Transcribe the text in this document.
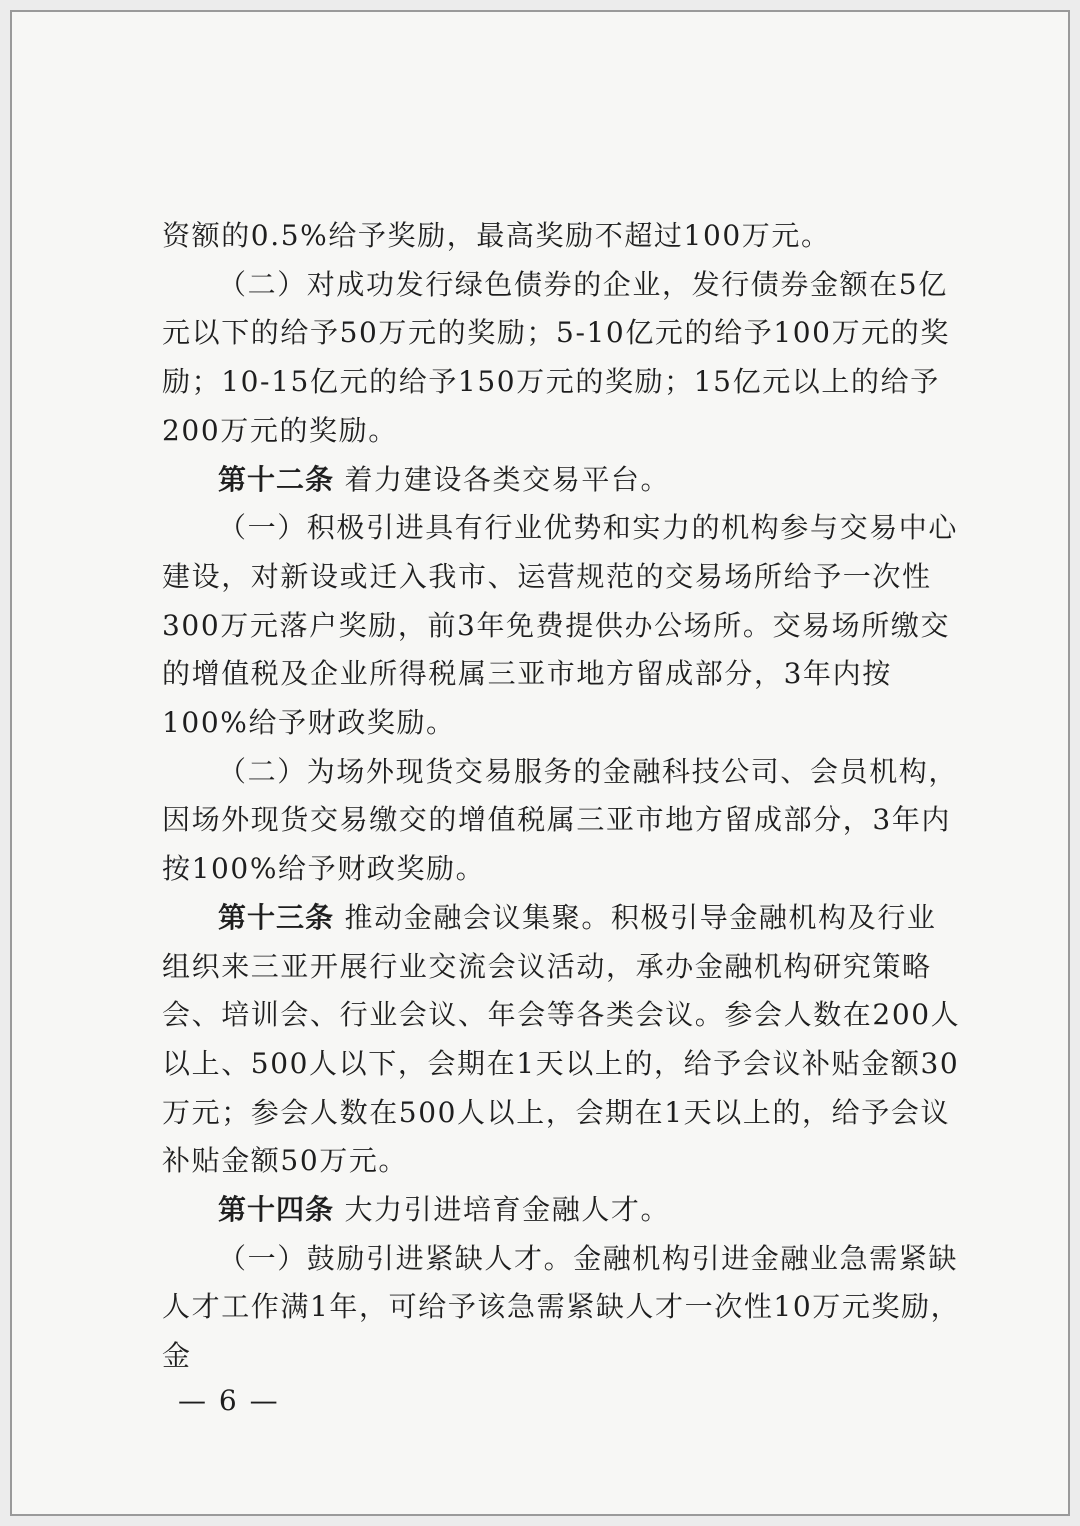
资额的0.5%给予奖励，最高奖励不超过100万元。

（二）对成功发行绿色债券的企业，发行债券金额在5亿元以下的给予50万元的奖励；5-10亿元的给予100万元的奖励；10-15亿元的给予150万元的奖励；15亿元以上的给予200万元的奖励。

第十二条 着力建设各类交易平台。

（一）积极引进具有行业优势和实力的机构参与交易中心建设，对新设或迁入我市、运营规范的交易场所给予一次性300万元落户奖励，前3年免费提供办公场所。交易场所缴交的增值税及企业所得税属三亚市地方留成部分，3年内按100%给予财政奖励。

（二）为场外现货交易服务的金融科技公司、会员机构，因场外现货交易缴交的增值税属三亚市地方留成部分，3年内按100%给予财政奖励。

第十三条 推动金融会议集聚。积极引导金融机构及行业组织来三亚开展行业交流会议活动，承办金融机构研究策略会、培训会、行业会议、年会等各类会议。参会人数在200人以上、500人以下，会期在1天以上的，给予会议补贴金额30万元；参会人数在500人以上，会期在1天以上的，给予会议补贴金额50万元。

第十四条 大力引进培育金融人才。

（一）鼓励引进紧缺人才。金融机构引进金融业急需紧缺人才工作满1年，可给予该急需紧缺人才一次性10万元奖励，金

— 6 —
